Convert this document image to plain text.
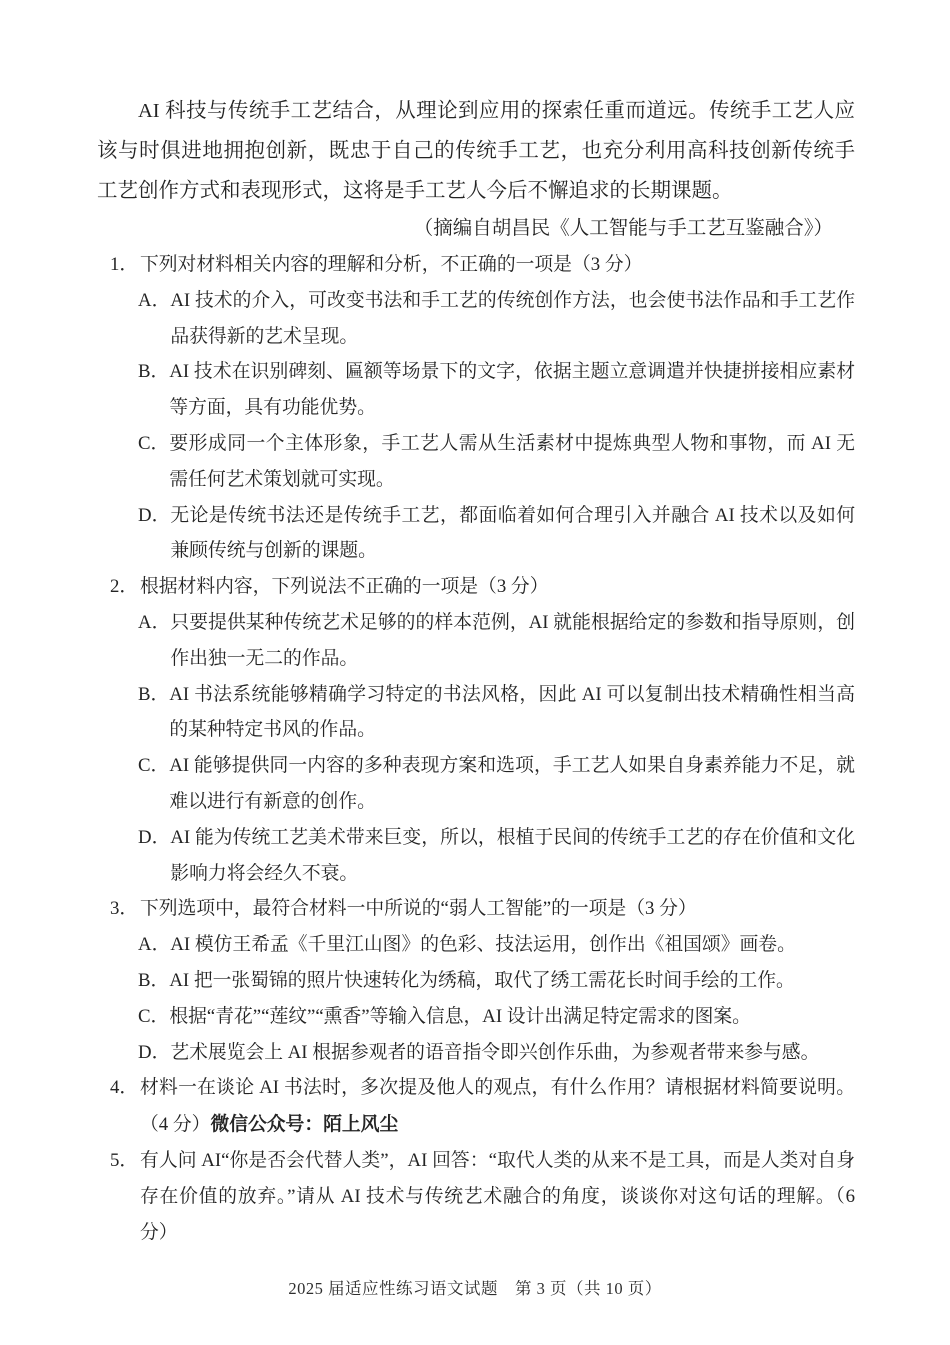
AI 科技与传统手工艺结合，从理论到应用的探索任重而道远。传统手工艺人应该与时俱进地拥抱创新，既忠于自己的传统手工艺，也充分利用高科技创新传统手工艺创作方式和表现形式，这将是手工艺人今后不懈追求的长期课题。

（摘编自胡昌民《人工智能与手工艺互鉴融合》）
1． 下列对材料相关内容的理解和分析，不正确的一项是（3 分）

A． AI 技术的介入，可改变书法和手工艺的传统创作方法，也会使书法作品和手工艺作品获得新的艺术呈现。

B． AI 技术在识别碑刻、匾额等场景下的文字，依据主题立意调遣并快捷拼接相应素材等方面，具有功能优势。

C． 要形成同一个主体形象，手工艺人需从生活素材中提炼典型人物和事物，而 AI 无需任何艺术策划就可实现。

D． 无论是传统书法还是传统手工艺，都面临着如何合理引入并融合 AI 技术以及如何兼顾传统与创新的课题。

2． 根据材料内容，下列说法不正确的一项是（3 分）

A． 只要提供某种传统艺术足够的的样本范例，AI 就能根据给定的参数和指导原则，创作出独一无二的作品。

B． AI 书法系统能够精确学习特定的书法风格，因此 AI 可以复制出技术精确性相当高的某种特定书风的作品。

C． AI 能够提供同一内容的多种表现方案和选项，手工艺人如果自身素养能力不足，就难以进行有新意的创作。

D． AI 能为传统工艺美术带来巨变，所以，根植于民间的传统手工艺的存在价值和文化影响力将会经久不衰。

3． 下列选项中，最符合材料一中所说的“弱人工智能”的一项是（3 分）

A． AI 模仿王希孟《千里江山图》的色彩、技法运用，创作出《祖国颂》画卷。

B． AI 把一张蜀锦的照片快速转化为绣稿，取代了绣工需花长时间手绘的工作。

C． 根据“青花”“莲纹”“熏香”等输入信息，AI 设计出满足特定需求的图案。

D． 艺术展览会上 AI 根据参观者的语音指令即兴创作乐曲，为参观者带来参与感。

4． 材料一在谈论 AI 书法时，多次提及他人的观点，有什么作用？请根据材料简要说明。（4 分）微信公众号：陌上风尘

5． 有人问 AI“你是否会代替人类”，AI 回答：“取代人类的从来不是工具，而是人类对自身存在价值的放弃。”请从 AI 技术与传统艺术融合的角度，谈谈你对这句话的理解。（6 分）

2025 届适应性练习语文试题　第 3 页（共 10 页）
